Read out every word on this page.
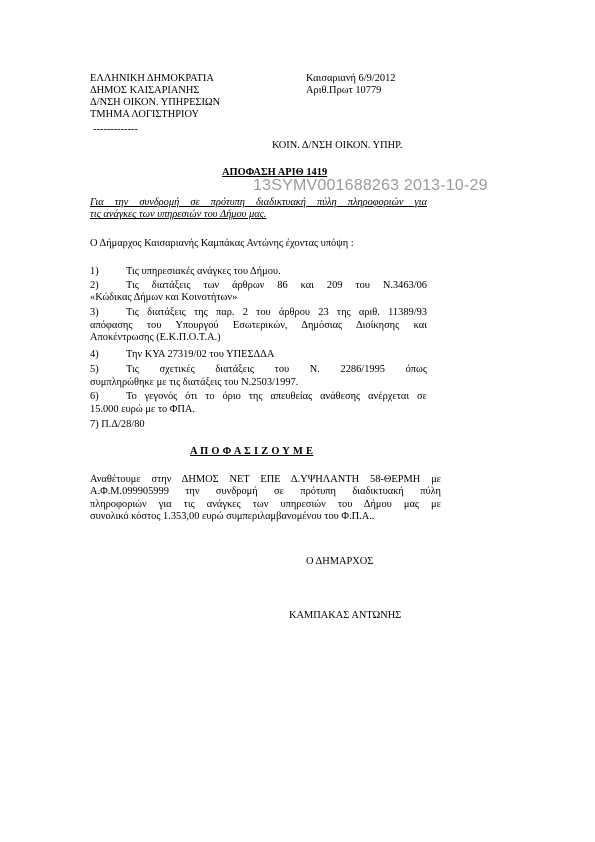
ΕΛΛΗΝΙΚΗ ΔΗΜΟΚΡΑΤΙΑ
ΔΗΜΟΣ ΚΑΙΣΑΡΙΑΝΗΣ
Δ/ΝΣΗ ΟΙΚΟΝ. ΥΠΗΡΕΣΙΩΝ
ΤΜΗΜΑ ΛΟΓΙΣΤΗΡΙΟΥ
-------------
Καισαριανή 6/9/2012
Αριθ.Πρωτ 10779
ΚΟΙΝ. Δ/ΝΣΗ ΟΙΚΟΝ. ΥΠΗΡ.
ΑΠΟΦΑΣΗ ΑΡΙΘ 1419
13SYMV001688263 2013-10-29
Για την συνδρομή σε πρότυπη διαδικτυακή πύλη πληροφοριών για
τις ανάγκες των υπηρεσιών του Δήμου μας.
Ο Δήμαρχος Καισαριανής Καμπάκας Αντώνης έχοντας υπόψη :
1)	Τις υπηρεσιακές ανάγκες του Δήμου.
2)	Τις διατάξεις των άρθρων 86 και 209 του Ν.3463/06
«Κώδικας Δήμων και Κοινοτήτων»
3)	Τις διατάξεις της παρ. 2 του άρθρου 23 της αριθ. 11389/93
απόφασης του Υπουργού Εσωτερικών, Δημόσιας Διοίκησης και
Αποκέντρωσης (Ε.Κ.Π.Ο.Τ.Α.)
4)	Την ΚΥΑ 27319/02 του ΥΠΕΣΔΔΑ
5)	Τις σχετικές διατάξεις του Ν. 2286/1995 όπως
συμπληρώθηκε με τις διατάξεις του Ν.2503/1997.
6)	Το γεγονός ότι το όριο της απευθείας ανάθεσης ανέρχεται σε
15.000 ευρώ με το ΦΠΑ.
7) Π.Δ/28/80
Α Π Ο Φ Α Σ Ι Ζ Ο Υ Μ Ε
Αναθέτουμε στην ΔΗΜΟΣ ΝΕΤ ΕΠΕ Δ.ΥΨΗΛΑΝΤΗ 58-ΘΕΡΜΗ με
Α.Φ.Μ.099905999 την συνδρομή σε πρότυπη διαδικτυακή πύλη
πληροφοριών για τις ανάγκες των υπηρεσιών του Δήμου μας με
συνολικό κόστος 1.353,00 ευρώ συμπεριλαμβανομένου του Φ.Π.Α..
Ο ΔΗΜΑΡΧΟΣ
ΚΑΜΠΑΚΑΣ ΑΝΤΩΝΗΣ
